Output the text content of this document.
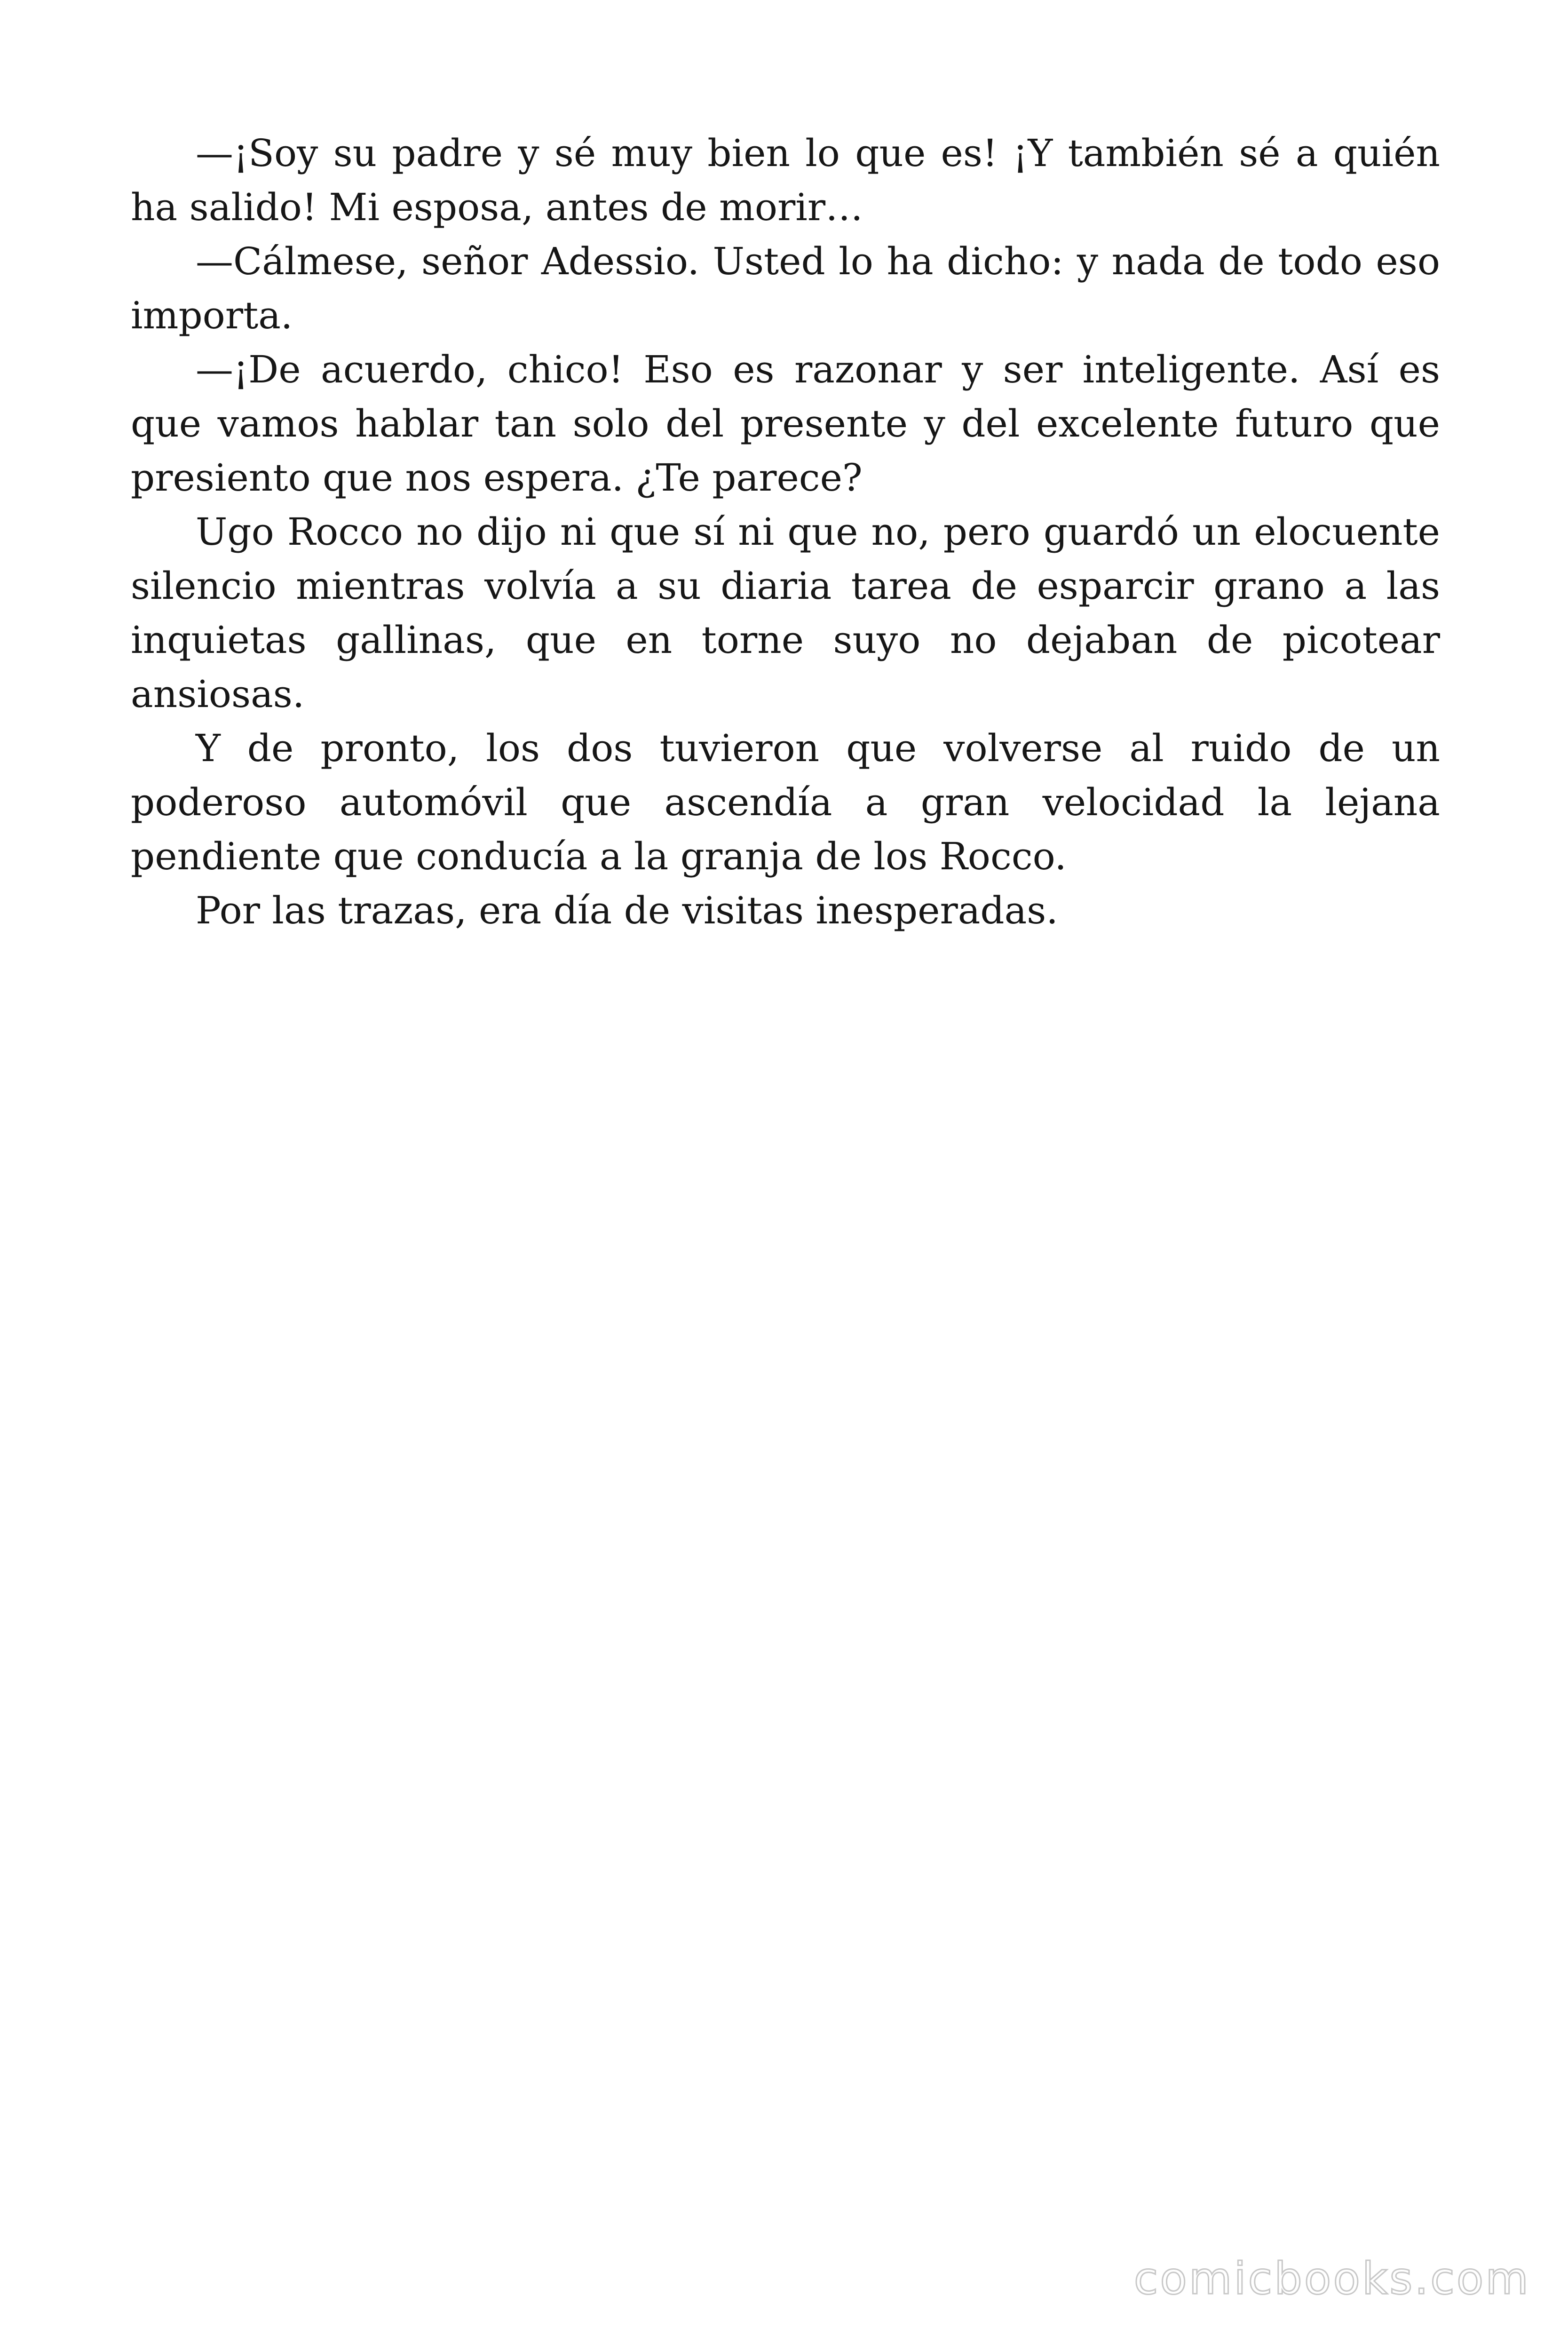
—¡Soy su padre y sé muy bien lo que es! ¡Y también sé a quién ha salido! Mi esposa, antes de morir…

—Cálmese, señor Adessio. Usted lo ha dicho: y nada de todo eso importa.

—¡De acuerdo, chico! Eso es razonar y ser inteligente. Así es que vamos hablar tan solo del presente y del excelente futuro que presiento que nos espera. ¿Te parece?

Ugo Rocco no dijo ni que sí ni que no, pero guardó un elocuente silencio mientras volvía a su diaria tarea de esparcir grano a las inquietas gallinas, que en torne suyo no dejaban de picotear ansiosas.

Y de pronto, los dos tuvieron que volverse al ruido de un poderoso automóvil que ascendía a gran velocidad la lejana pendiente que conducía a la granja de los Rocco.

Por las trazas, era día de visitas inesperadas.

comicbooks.com
